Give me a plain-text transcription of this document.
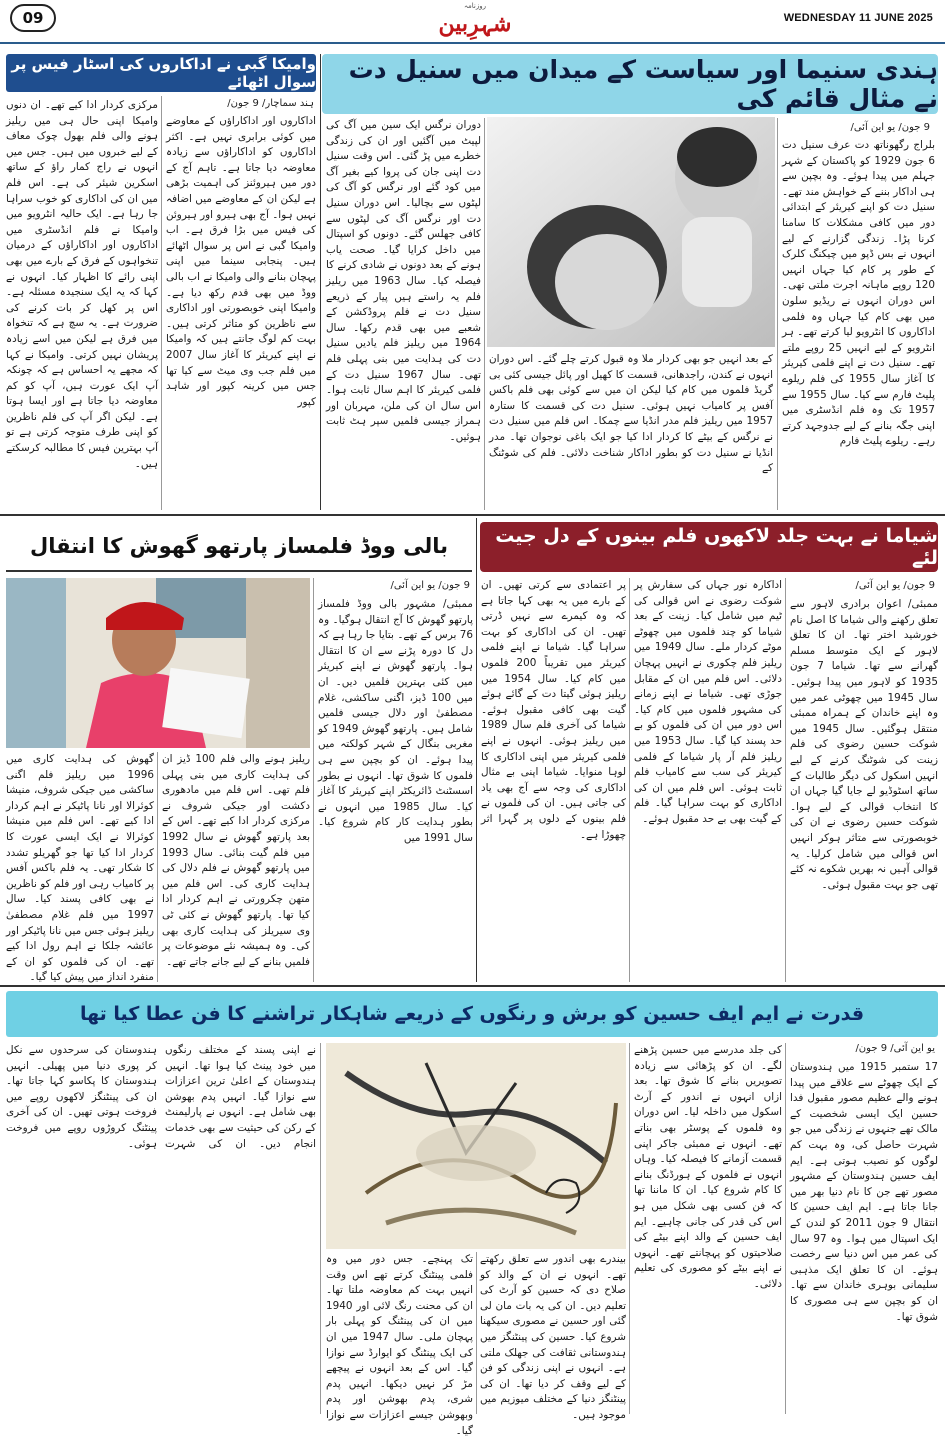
09
روزنامہ
شہرِبین	WEDNESDAY 11 JUNE 2025
ہندی سنیما اور سیاست کے میدان میں سنیل دت نے مثال قائم کی
9 جون/ یو این آئی/
بلراج رگھوناتھ دت عرف سنیل دت 6 جون 1929 کو پاکستان کے شہر جہلم میں پیدا ہوئے۔ وہ بچپن سے ہی اداکار بننے کے خواہش مند تھے۔ سنیل دت کو اپنے کیریئر کے ابتدائی دور میں کافی مشکلات کا سامنا کرنا پڑا۔ زندگی گزارنے کے لیے انہوں نے بس ڈپو میں چیکنگ کلرک کے طور پر کام کیا جہاں انہیں 120 روپے ماہانہ اجرت ملتی تھی۔ اس دوران انہوں نے ریڈیو سلون میں بھی کام کیا جہاں وہ فلمی اداکاروں کا انٹرویو لیا کرتے تھے۔ ہر انٹرویو کے لیے انہیں 25 روپے ملتے تھے۔ سنیل دت نے اپنے فلمی کیریئر کا آغاز سال 1955 کی فلم ریلوے پلیٹ فارم سے کیا۔ سال 1955 سے 1957 تک وہ فلم انڈسٹری میں اپنی جگہ بنانے کے لیے جدوجہد کرتے رہے۔ ریلوے پلیٹ فارم
کے بعد انہیں جو بھی کردار ملا وہ قبول کرتے چلے گئے۔ اس دوران انہوں نے کندن، راجدھانی، قسمت کا کھیل اور پائل جیسی کئی بی گریڈ فلموں میں کام کیا لیکن ان میں سے کوئی بھی فلم باکس آفس پر کامیاب نہیں ہوئی۔ سنیل دت کی قسمت کا ستارہ 1957 میں ریلیز فلم مدر انڈیا سے چمکا۔ اس فلم میں سنیل دت نے نرگس کے بیٹے کا کردار ادا کیا جو ایک باغی نوجوان تھا۔ مدر انڈیا نے سنیل دت کو بطور اداکار شناخت دلائی۔ فلم کی شوٹنگ کے
دوران نرگس ایک سین میں آگ کی لپیٹ میں آگئیں اور ان کی زندگی خطرے میں پڑ گئی۔ اس وقت سنیل دت اپنی جان کی پروا کیے بغیر آگ میں کود گئے اور نرگس کو آگ کی لپٹوں سے بچالیا۔ اس دوران سنیل دت اور نرگس آگ کی لپٹوں سے کافی جھلس گئے۔ دونوں کو اسپتال میں داخل کرایا گیا۔ صحت یاب ہونے کے بعد دونوں نے شادی کرنے کا فیصلہ کیا۔ سال 1963 میں ریلیز فلم یہ راستے ہیں پیار کے ذریعے سنیل دت نے فلم پروڈکشن کے شعبے میں بھی قدم رکھا۔ سال 1964 میں ریلیز فلم یادیں سنیل دت کی ہدایت میں بنی پہلی فلم تھی۔ سال 1967 سنیل دت کے فلمی کیریئر کا اہم سال ثابت ہوا۔ اس سال ان کی ملن، مہربان اور ہمراز جیسی فلمیں سپر ہٹ ثابت ہوئیں۔
وامیکا گبی نے اداکاروں کی اسٹار فیس پر سوال اٹھائے
ہند سماچار/ 9 جون/
اداکاروں اور اداکاراؤں کے معاوضے میں کوئی برابری نہیں ہے۔ اکثر اداکاروں کو اداکاراؤں سے زیادہ معاوضہ دیا جاتا ہے۔ تاہم آج کے دور میں ہیروئنز کی اہمیت بڑھی ہے لیکن ان کے معاوضے میں اضافہ نہیں ہوا۔ آج بھی ہیرو اور ہیروئن کی فیس میں بڑا فرق ہے۔ اب وامیکا گبی نے اس پر سوال اٹھائے ہیں۔ پنجابی سینما میں اپنی پہچان بنانے والی وامیکا نے اب بالی ووڈ میں بھی قدم رکھ دیا ہے۔ وامیکا اپنی خوبصورتی اور اداکاری سے ناظرین کو متاثر کرتی ہیں۔ بہت کم لوگ جانتے ہیں کہ وامیکا نے اپنے کیریئر کا آغاز سال 2007 میں فلم جب وی میٹ سے کیا تھا جس میں کرینہ کپور اور شاہد کپور
مرکزی کردار ادا کیے تھے۔ ان دنوں وامیکا اپنی حال ہی میں ریلیز ہونے والی فلم بھول چوک معاف کے لیے خبروں میں ہیں۔ جس میں انہوں نے راج کمار راؤ کے ساتھ اسکرین شیئر کی ہے۔ اس فلم میں ان کی اداکاری کو خوب سراہا جا رہا ہے۔ ایک حالیہ انٹرویو میں وامیکا نے فلم انڈسٹری میں اداکاروں اور اداکاراؤں کے درمیان تنخواہوں کے فرق کے بارے میں بھی اپنی رائے کا اظہار کیا۔ انہوں نے کہا کہ یہ ایک سنجیدہ مسئلہ ہے۔ اس پر کھل کر بات کرنے کی ضرورت ہے۔ یہ سچ ہے کہ تنخواہ میں فرق ہے لیکن میں اسے زیادہ پریشان نہیں کرتی۔ وامیکا نے کہا کہ مجھے یہ احساس ہے کہ چونکہ آپ ایک عورت ہیں، آپ کو کم معاوضہ دیا جاتا ہے اور ایسا ہوتا ہے۔ لیکن اگر آپ کی فلم ناظرین کو اپنی طرف متوجہ کرتی ہے تو آپ بہترین فیس کا مطالبہ کرسکتے ہیں۔
شیاما نے بہت جلد لاکھوں فلم بینوں کے دل جیت لئے
9 جون/ یو این آئی/
ممبئی/ اعوان برادری لاہور سے تعلق رکھنے والی شیاما کا اصل نام خورشید اختر تھا۔ ان کا تعلق لاہور کے ایک متوسط مسلم گھرانے سے تھا۔ شیاما 7 جون 1935 کو لاہور میں پیدا ہوئیں۔ سال 1945 میں چھوٹی عمر میں وہ اپنے خاندان کے ہمراہ ممبئی منتقل ہوگئیں۔ سال 1945 میں شوکت حسین رضوی کی فلم زینت کی شوٹنگ کرنے کے لیے انہیں اسکول کی دیگر طالبات کے ساتھ اسٹوڈیو لے جایا گیا جہاں ان کا انتخاب قوالی کے لیے ہوا۔ شوکت حسین رضوی نے ان کی خوبصورتی سے متاثر ہوکر انہیں اس قوالی میں شامل کرلیا۔ یہ قوالی آہیں نہ بھریں شکوے نہ کئے تھی جو بہت مقبول ہوئی۔
اداکارہ نور جہاں کی سفارش پر شوکت رضوی نے اس قوالی کی ٹیم میں شامل کیا۔ زینت کے بعد شیاما کو چند فلموں میں چھوٹے موٹے کردار ملے۔ سال 1949 میں ریلیز فلم چکوری نے انہیں پہچان دلائی۔ اس فلم میں ان کے مقابل جوڑی تھی۔ شیاما نے اپنے زمانے کی مشہور فلموں میں کام کیا۔ اس دور میں ان کی فلموں کو بے حد پسند کیا گیا۔ سال 1953 میں ریلیز فلم آر پار شیاما کے فلمی کیریئر کی سب سے کامیاب فلم ثابت ہوئی۔ اس فلم میں ان کی اداکاری کو بہت سراہا گیا۔ فلم کے گیت بھی بے حد مقبول ہوئے۔
پر اعتمادی سے کرتی تھیں۔ ان کے بارے میں یہ بھی کہا جاتا ہے کہ وہ کیمرے سے نہیں ڈرتی تھیں۔ ان کی اداکاری کو بہت سراہا گیا۔ شیاما نے اپنے فلمی کیریئر میں تقریباً 200 فلموں میں کام کیا۔ سال 1954 میں ریلیز ہوئی گیتا دت کے گائے ہوئے گیت بھی کافی مقبول ہوئے۔ شیاما کی آخری فلم سال 1989 میں ریلیز ہوئی۔ انہوں نے اپنے فلمی کیریئر میں اپنی اداکاری کا لوہا منوایا۔ شیاما اپنی بے مثال اداکاری کی وجہ سے آج بھی یاد کی جاتی ہیں۔ ان کی فلموں نے فلم بینوں کے دلوں پر گہرا اثر چھوڑا ہے۔
بالی ووڈ فلمساز پارتھو گھوش کا انتقال
9 جون/ یو این آئی/
ممبئی/ مشہور بالی ووڈ فلمساز پارتھو گھوش کا آج انتقال ہوگیا۔ وہ 76 برس کے تھے۔ بتایا جا رہا ہے کہ دل کا دورہ پڑنے سے ان کا انتقال ہوا۔ پارتھو گھوش نے اپنے کیریئر میں کئی بہترین فلمیں دیں۔ ان میں 100 ڈیز، اگنی ساکشی، غلام مصطفیٰ اور دلال جیسی فلمیں شامل ہیں۔ پارتھو گھوش 1949 کو مغربی بنگال کے شہر کولکتہ میں پیدا ہوئے۔ ان کو بچپن سے ہی فلموں کا شوق تھا۔ انہوں نے بطور اسسٹنٹ ڈائریکٹر اپنے کیریئر کا آغاز کیا۔ سال 1985 میں انہوں نے بطور ہدایت کار کام شروع کیا۔ سال 1991 میں
ریلیز ہونے والی فلم 100 ڈیز ان کی ہدایت کاری میں بنی پہلی فلم تھی۔ اس فلم میں مادھوری دکشت اور جیکی شروف نے مرکزی کردار ادا کیے تھے۔ اس کے بعد پارتھو گھوش نے سال 1992 میں فلم گیت بنائی۔ سال 1993 میں پارتھو گھوش نے فلم دلال کی ہدایت کاری کی۔ اس فلم میں متھن چکرورتی نے اہم کردار ادا کیا تھا۔ پارتھو گھوش نے کئی ٹی وی سیریلز کی ہدایت کاری بھی کی۔ وہ ہمیشہ نئے موضوعات پر فلمیں بنانے کے لیے جانے جاتے تھے۔
گھوش کی ہدایت کاری میں 1996 میں ریلیز فلم اگنی ساکشی میں جیکی شروف، منیشا کوئرالا اور نانا پاٹیکر نے اہم کردار ادا کیے تھے۔ اس فلم میں منیشا کوئرالا نے ایک ایسی عورت کا کردار ادا کیا تھا جو گھریلو تشدد کا شکار تھی۔ یہ فلم باکس آفس پر کامیاب رہی اور فلم کو ناظرین نے بھی کافی پسند کیا۔ سال 1997 میں فلم غلام مصطفیٰ ریلیز ہوئی جس میں نانا پاٹیکر اور عائشہ جلکا نے اہم رول ادا کیے تھے۔ ان کی فلموں کو ان کے منفرد انداز میں پیش کیا گیا۔
قدرت نے ایم ایف حسین کو برش و رنگوں کے ذریعے شاہکار تراشنے کا فن عطا کیا تھا
یو این آئی/ 9 جون/
17 ستمبر 1915 میں ہندوستان کے ایک چھوٹے سے علاقے میں پیدا ہونے والے عظیم مصور مقبول فدا حسین ایک ایسی شخصیت کے مالک تھے جنہوں نے زندگی میں جو شہرت حاصل کی، وہ بہت کم لوگوں کو نصیب ہوتی ہے۔ ایم ایف حسین ہندوستان کے مشہور مصور تھے جن کا نام دنیا بھر میں جانا جاتا ہے۔ ایم ایف حسین کا انتقال 9 جون 2011 کو لندن کے ایک اسپتال میں ہوا۔ وہ 97 سال کی عمر میں اس دنیا سے رخصت ہوئے۔ ان کا تعلق ایک مذہبی سلیمانی بوہری خاندان سے تھا۔ ان کو بچپن سے ہی مصوری کا شوق تھا۔
کی جلد مدرسے میں حسین پڑھنے لگے۔ ان کو پڑھائی سے زیادہ تصویریں بنانے کا شوق تھا۔ بعد ازاں انہوں نے اندور کے آرٹ اسکول میں داخلہ لیا۔ اس دوران وہ فلموں کے پوسٹر بھی بناتے تھے۔ انہوں نے ممبئی جاکر اپنی قسمت آزمانے کا فیصلہ کیا۔ وہاں انہوں نے فلموں کے ہورڈنگ بنانے کا کام شروع کیا۔ ان کا ماننا تھا کہ فن کسی بھی شکل میں ہو اس کی قدر کی جانی چاہیے۔ ایم ایف حسین کے والد اپنے بیٹے کی صلاحیتوں کو پہچانتے تھے۔ انہوں نے اپنے بیٹے کو مصوری کی تعلیم دلائی۔
بیندرے بھی اندور سے تعلق رکھتے تھے۔ انہوں نے ان کے والد کو صلاح دی کہ حسین کو آرٹ کی تعلیم دیں۔ ان کی یہ بات مان لی گئی اور حسین نے مصوری سیکھنا شروع کیا۔ حسین کی پینٹنگز میں ہندوستانی ثقافت کی جھلک ملتی ہے۔ انہوں نے اپنی زندگی کو فن کے لیے وقف کر دیا تھا۔ ان کی پینٹنگز دنیا کے مختلف میوزیم میں موجود ہیں۔
تک پہنچے۔ جس دور میں وہ فلمی پینٹنگ کرتے تھے اس وقت انہیں بہت کم معاوضہ ملتا تھا۔ ان کی محنت رنگ لائی اور 1940 میں ان کی پینٹنگ کو پہلی بار پہچان ملی۔ سال 1947 میں ان کی ایک پینٹنگ کو ایوارڈ سے نوازا گیا۔ اس کے بعد انہوں نے پیچھے مڑ کر نہیں دیکھا۔ انہیں پدم شری، پدم بھوشن اور پدم وبھوشن جیسے اعزازات سے نوازا گیا۔
نے اپنی پسند کے مختلف رنگوں میں خود پینٹ کیا ہوا تھا۔ انہیں ہندوستان کے اعلیٰ ترین اعزازات سے نوازا گیا۔ انہیں پدم بھوشن بھی شامل ہے۔ انہوں نے پارلیمنٹ کے رکن کی حیثیت سے بھی خدمات انجام دیں۔ ان کی شہرت ہندوستان کی سرحدوں سے نکل کر پوری دنیا میں پھیلی۔ انہیں ہندوستان کا پکاسو کہا جاتا تھا۔ ان کی پینٹنگز لاکھوں روپے میں فروخت ہوتی تھیں۔ ان کی آخری پینٹنگ کروڑوں روپے میں فروخت ہوئی۔
